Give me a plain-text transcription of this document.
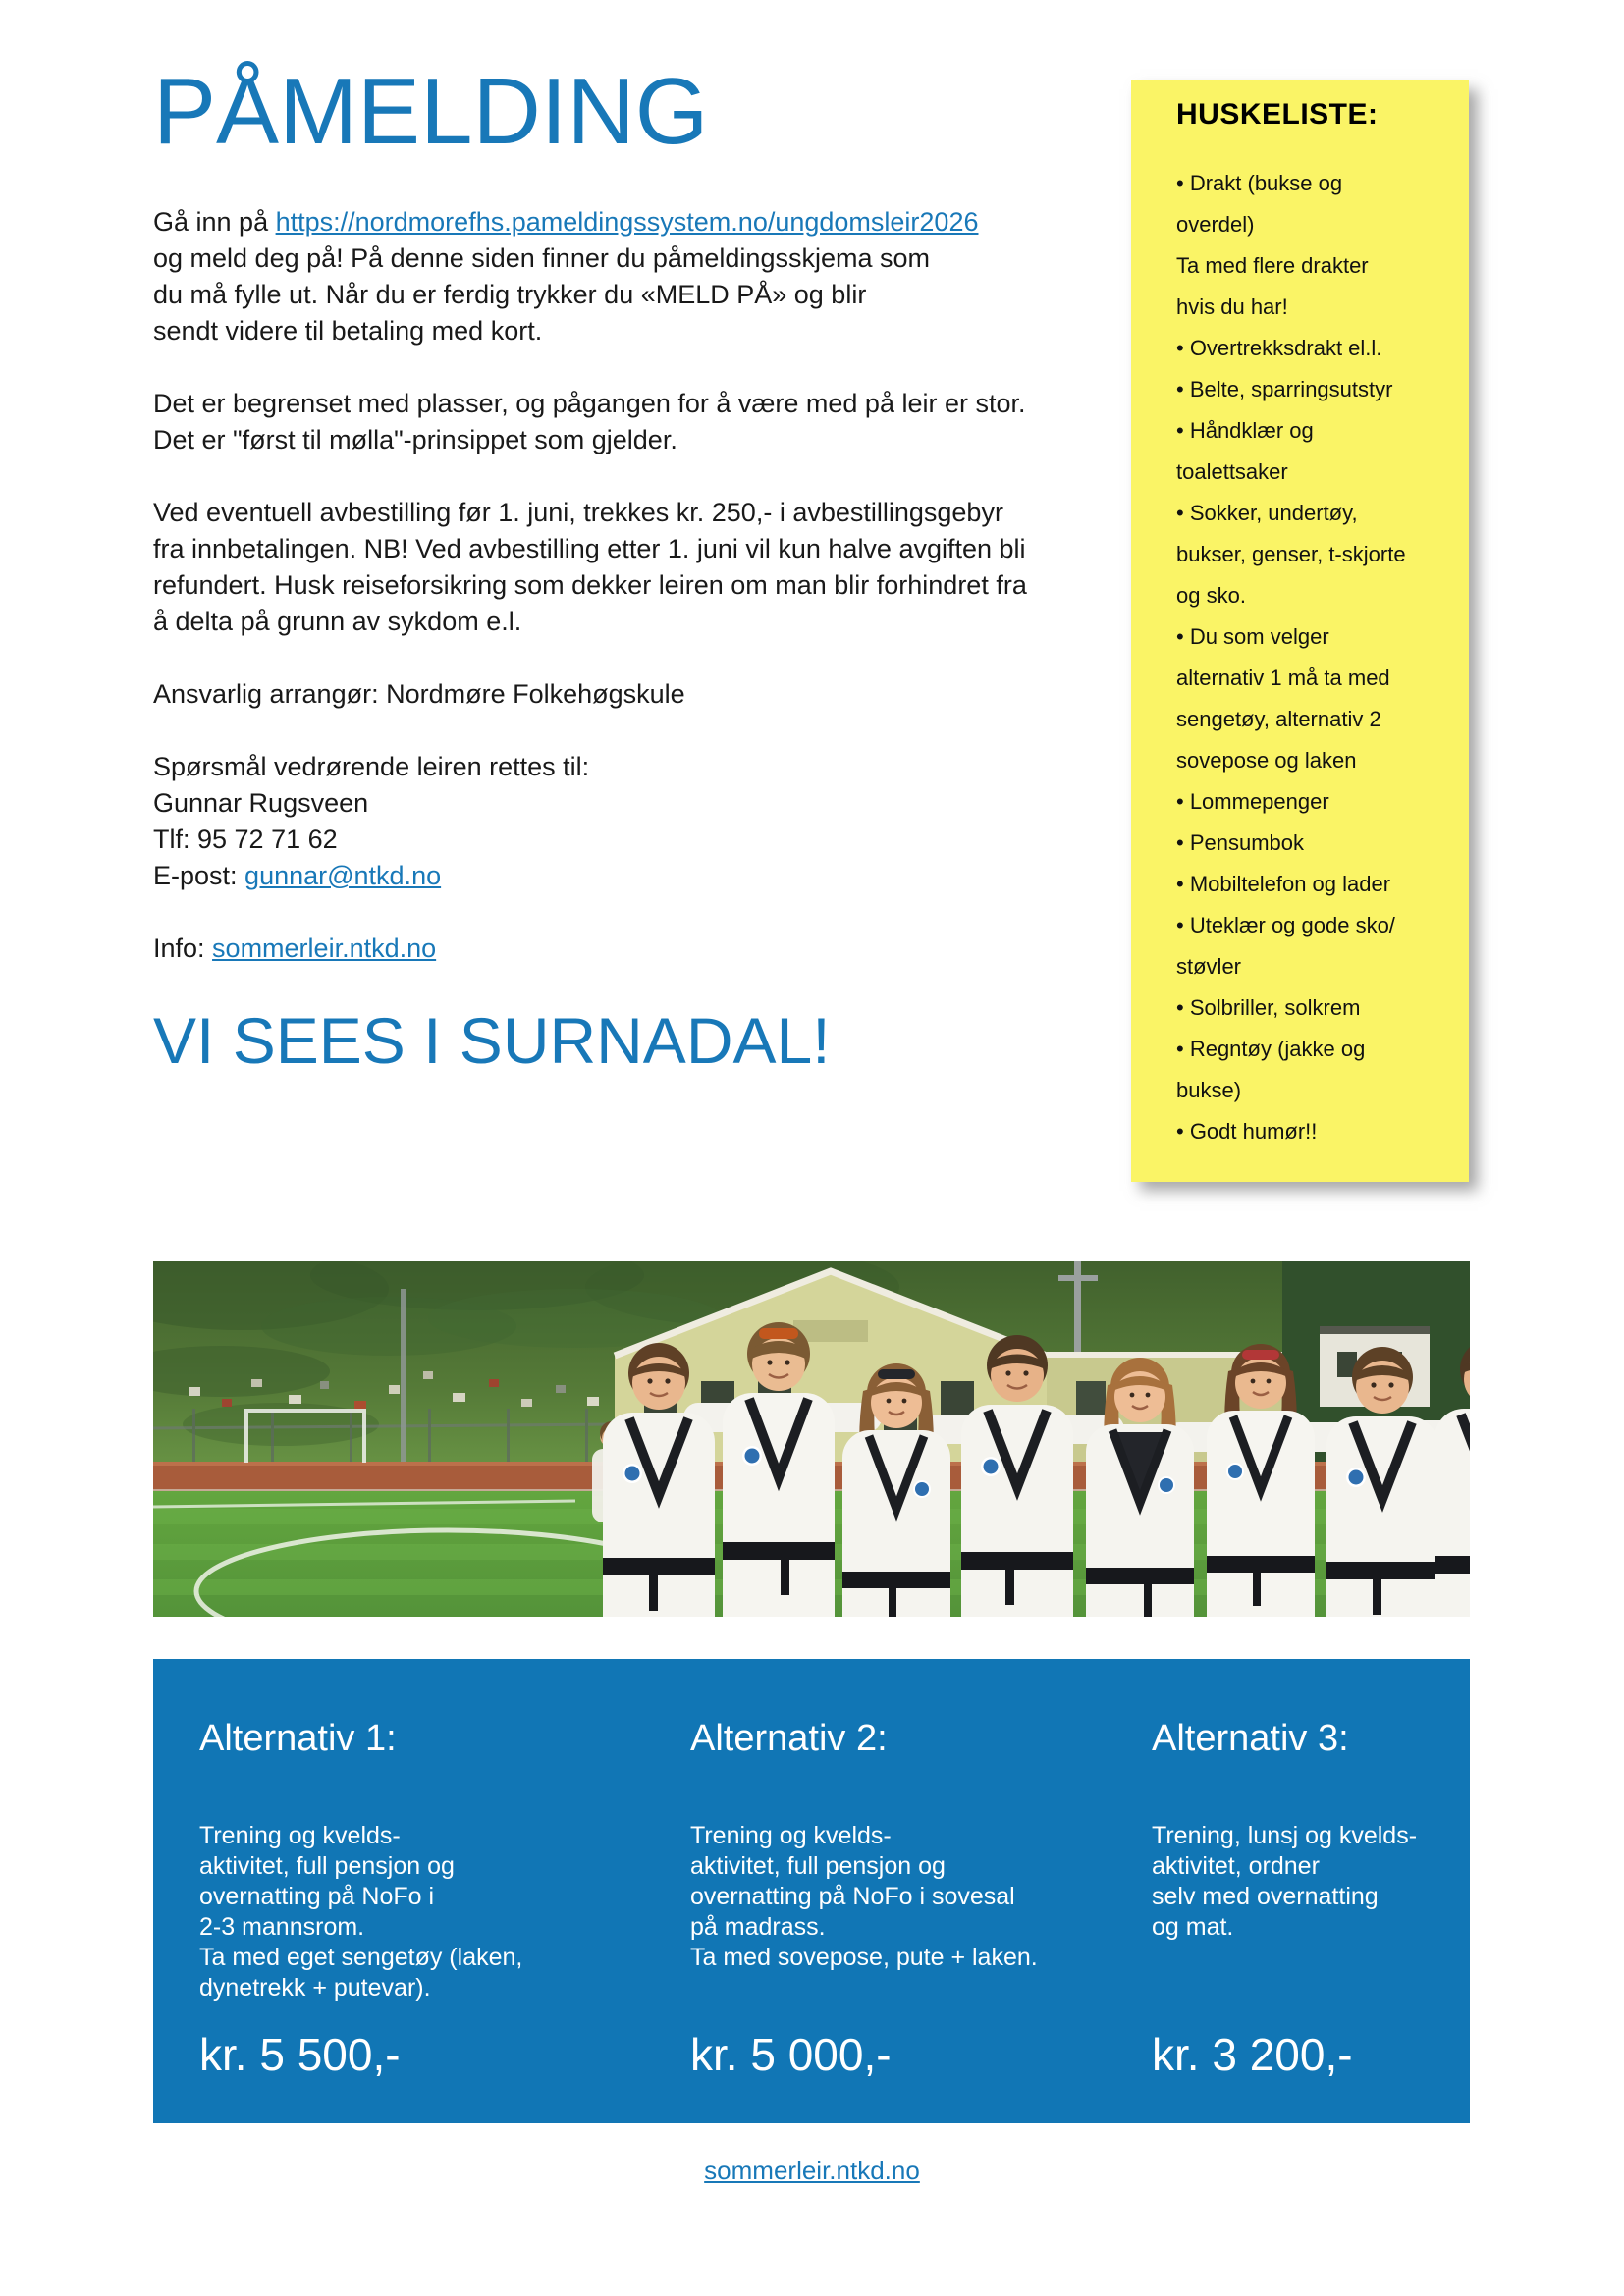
PÅMELDING

Gå inn på https://nordmorefhs.pameldingssystem.no/ungdomsleir2026
og meld deg på! På denne siden finner du påmeldingsskjema som
du må fylle ut. Når du er ferdig trykker du «MELD PÅ» og blir
sendt videre til betaling med kort.

Det er begrenset med plasser, og pågangen for å være med på leir er stor.
Det er "først til mølla"-prinsippet som gjelder.

Ved eventuell avbestilling før 1. juni, trekkes kr. 250,- i avbestillingsgebyr
fra innbetalingen. NB! Ved avbestilling etter 1. juni vil kun halve avgiften bli
refundert. Husk reiseforsikring som dekker leiren om man blir forhindret fra
å delta på grunn av sykdom e.l.

Ansvarlig arrangør: Nordmøre Folkehøgskule

Spørsmål vedrørende leiren rettes til:
Gunnar Rugsveen
Tlf: 95 72 71 62
E-post: gunnar@ntkd.no

Info: sommerleir.ntkd.no

VI SEES I SURNADAL!
HUSKELISTE:
• Drakt (bukse og
overdel)
Ta med flere drakter
hvis du har!
• Overtrekksdrakt el.l.
• Belte, sparringsutstyr
• Håndklær og
toalettsaker
• Sokker, undertøy,
bukser, genser, t-skjorte
og sko.
• Du som velger
alternativ 1 må ta med
sengetøy, alternativ 2
sovepose og laken
• Lommepenger
• Pensumbok
• Mobiltelefon og lader
• Uteklær og gode sko/
støvler
• Solbriller, solkrem
• Regntøy (jakke og
bukse)
• Godt humør!!
Alternativ 1:
Trening og kvelds-
aktivitet, full pensjon og
overnatting på NoFo i
2-3 mannsrom.
Ta med eget sengetøy (laken,
dynetrekk + putevar).
kr. 5 500,-
Alternativ 2:
Trening og kvelds-
aktivitet, full pensjon og
overnatting på NoFo i sovesal
på madrass.
Ta med sovepose, pute + laken.
kr. 5 000,-
Alternativ 3:
Trening, lunsj og kvelds-
aktivitet, ordner
selv med overnatting
og mat.
kr. 3 200,-
sommerleir.ntkd.no
